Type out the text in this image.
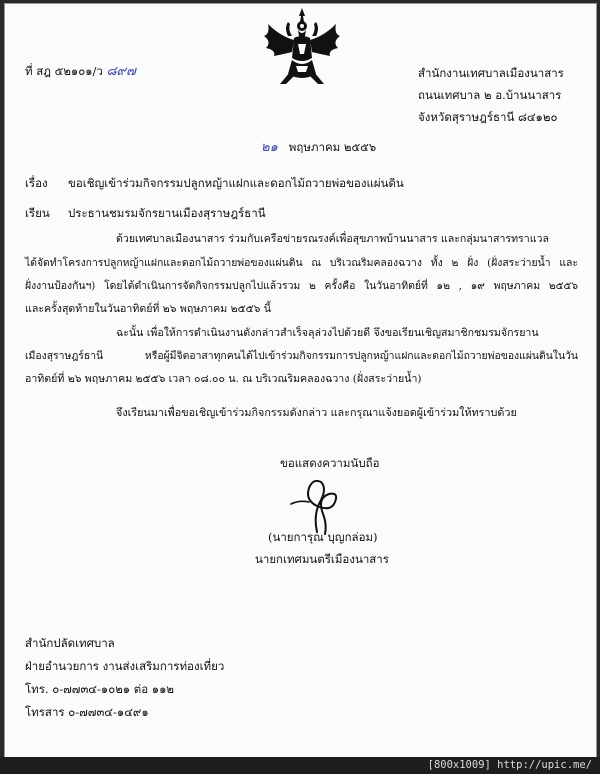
ที่ สฎ ๕๒๑๐๑/ว ๘๙๗	สำนักงานเทศบาลเมืองนาสาร
ถนนเทศบาล ๒ อ.บ้านนาสาร
จังหวัดสุราษฎร์ธานี ๘๔๑๒๐
๒๑ พฤษภาคม ๒๕๕๖
เรื่อง ขอเชิญเข้าร่วมกิจกรรมปลูกหญ้าแฝกและดอกไม้ถวายพ่อของแผ่นดิน
เรียน ประธานชมรมจักรยานเมืองสุราษฎร์ธานี
ด้วยเทศบาลเมืองนาสาร ร่วมกับเครือข่ายรณรงค์เพื่อสุขภาพบ้านนาสาร และกลุ่มนาสารทราแวล
ได้จัดทำโครงการปลูกหญ้าแฝกและดอกไม้ถวายพ่อของแผ่นดิน ณ บริเวณริมคลองฉวาง ทั้ง ๒ ฝั่ง (ฝั่งสระว่ายน้ำ และ
ฝั่งงานป้องกันฯ) โดยได้ดำเนินการจัดกิจกรรมปลูกไปแล้วรวม ๒ ครั้งคือ ในวันอาทิตย์ที่ ๑๒ , ๑๙ พฤษภาคม ๒๕๕๖
และครั้งสุดท้ายในวันอาทิตย์ที่ ๒๖ พฤษภาคม ๒๕๕๖ นี้
ฉะนั้น เพื่อให้การดำเนินงานดังกล่าวสำเร็จลุล่วงไปด้วยดี จึงขอเรียนเชิญสมาชิกชมรมจักรยาน
เมืองสุราษฎร์ธานี หรือผู้มีจิตอาสาทุกคนได้ไปเข้าร่วมกิจกรรมการปลูกหญ้าแฝกและดอกไม้ถวายพ่อของแผ่นดินในวัน
อาทิตย์ที่ ๒๖ พฤษภาคม ๒๕๕๖ เวลา ๐๘.๐๐ น. ณ บริเวณริมคลองฉวาง (ฝั่งสระว่ายน้ำ)
จึงเรียนมาเพื่อขอเชิญเข้าร่วมกิจกรรมดังกล่าว และกรุณาแจ้งยอดผู้เข้าร่วมให้ทราบด้วย
ขอแสดงความนับถือ
(นายการุณ บุญกล่อม)
นายกเทศมนตรีเมืองนาสาร
สำนักปลัดเทศบาล
ฝ่ายอำนวยการ งานส่งเสริมการท่องเที่ยว
โทร. ๐-๗๗๓๔-๑๐๒๑ ต่อ ๑๑๒
โทรสาร ๐-๗๗๓๔-๑๔๙๑
[800x1009] http://upic.me/
